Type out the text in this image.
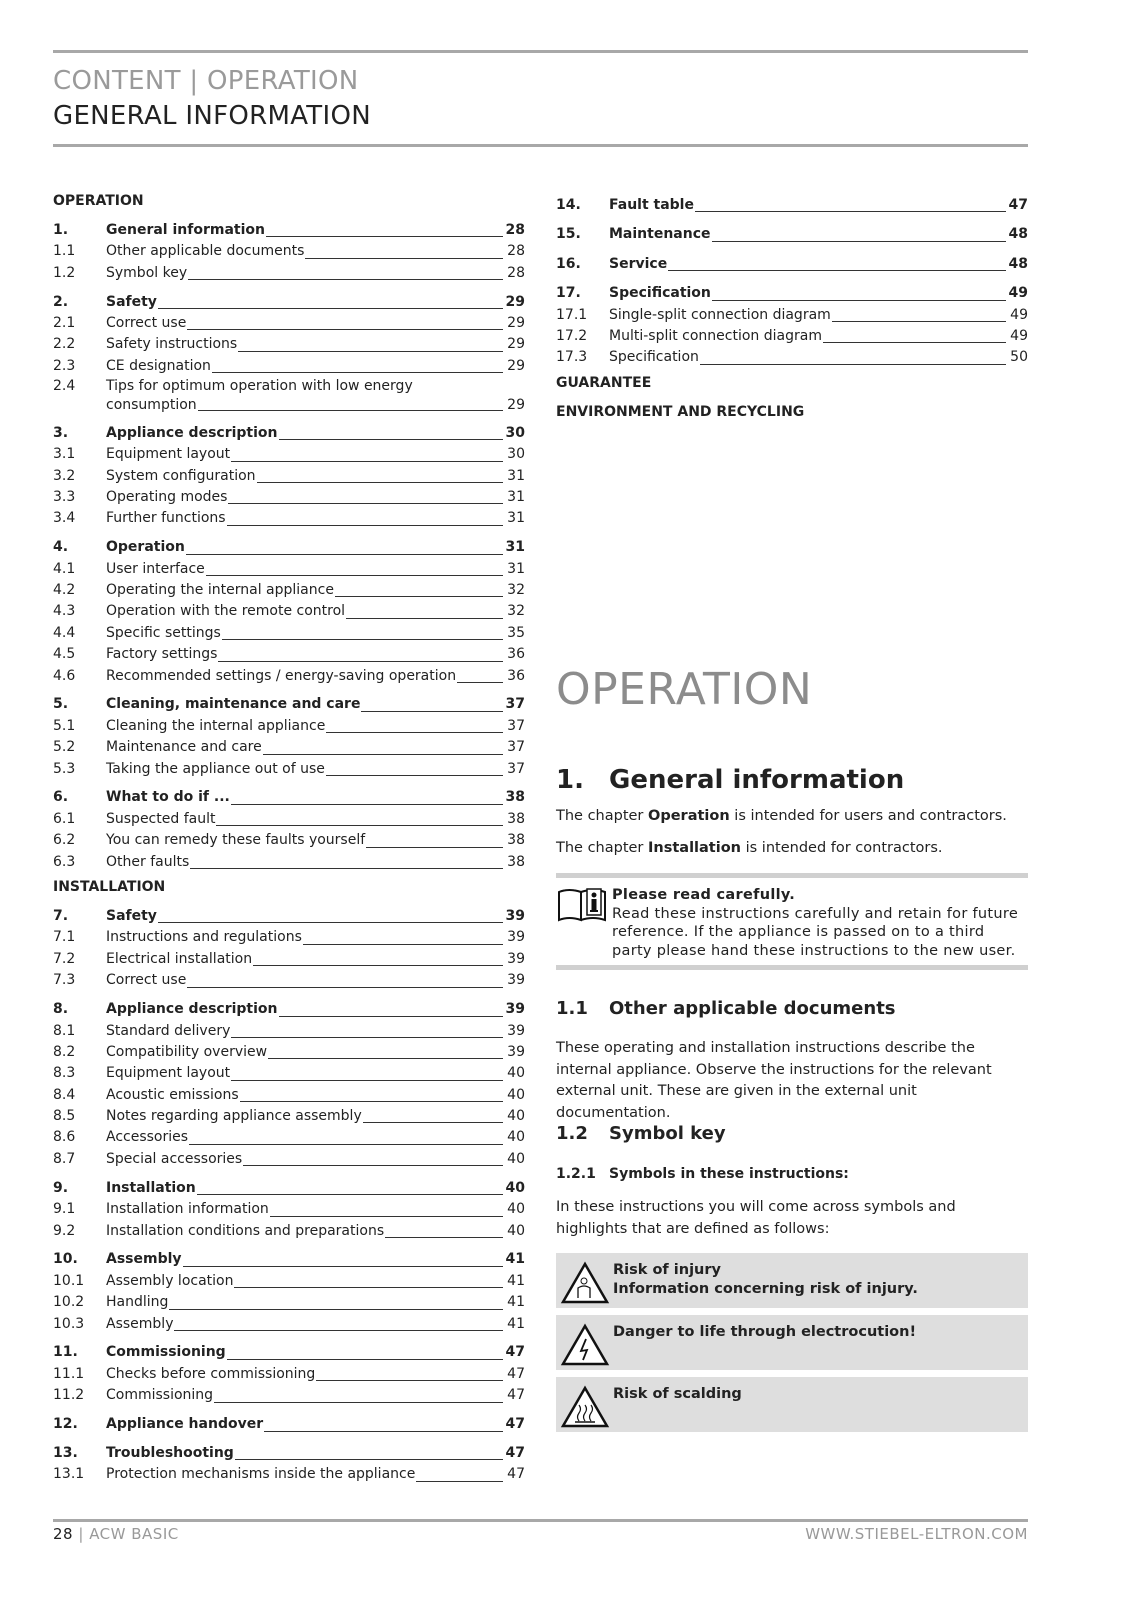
CONTENT | OPERATION
GENERAL INFORMATION
OPERATION
1.	General information	28
1.1	Other applicable documents	28
1.2	Symbol key	28
2.	Safety	29
2.1	Correct use	29
2.2	Safety instructions	29
2.3	CE designation	29
2.4	Tips for optimum operation with low energy
consumption	29
3.	Appliance description	30
3.1	Equipment layout	30
3.2	System configuration	31
3.3	Operating modes	31
3.4	Further functions	31
4.	Operation	31
4.1	User interface	31
4.2	Operating the internal appliance	32
4.3	Operation with the remote control	32
4.4	Specific settings	35
4.5	Factory settings	36
4.6	Recommended settings / energy-saving operation	36
5.	Cleaning, maintenance and care	37
5.1	Cleaning the internal appliance	37
5.2	Maintenance and care	37
5.3	Taking the appliance out of use	37
6.	What to do if ...	38
6.1	Suspected fault	38
6.2	You can remedy these faults yourself	38
6.3	Other faults	38
INSTALLATION
7.	Safety	39
7.1	Instructions and regulations	39
7.2	Electrical installation	39
7.3	Correct use	39
8.	Appliance description	39
8.1	Standard delivery	39
8.2	Compatibility overview	39
8.3	Equipment layout	40
8.4	Acoustic emissions	40
8.5	Notes regarding appliance assembly	40
8.6	Accessories	40
8.7	Special accessories	40
9.	Installation	40
9.1	Installation information	40
9.2	Installation conditions and preparations	40
10.	Assembly	41
10.1	Assembly location	41
10.2	Handling	41
10.3	Assembly	41
11.	Commissioning	47
11.1	Checks before commissioning	47
11.2	Commissioning	47
12.	Appliance handover	47
13.	Troubleshooting	47
13.1	Protection mechanisms inside the appliance	47
14.	Fault table	47
15.	Maintenance	48
16.	Service	48
17.	Specification	49
17.1	Single-split connection diagram	49
17.2	Multi-split connection diagram	49
17.3	Specification	50
GUARANTEE
ENVIRONMENT AND RECYCLING
OPERATION
1. General information
The chapter Operation is intended for users and contractors.
The chapter Installation is intended for contractors.
Please read carefully.
Read these instructions carefully and retain for future reference. If the appliance is passed on to a third party please hand these instructions to the new user.
1.1	Other applicable documents
These operating and installation instructions describe the internal appliance. Observe the instructions for the relevant external unit. These are given in the external unit documentation.
1.2	Symbol key
1.2.1 Symbols in these instructions:
In these instructions you will come across symbols and highlights that are defined as follows:
Risk of injury
Information concerning risk of injury.
Danger to life through electrocution!
Risk of scalding
28 | ACW BASIC	WWW.STIEBEL-ELTRON.COM
